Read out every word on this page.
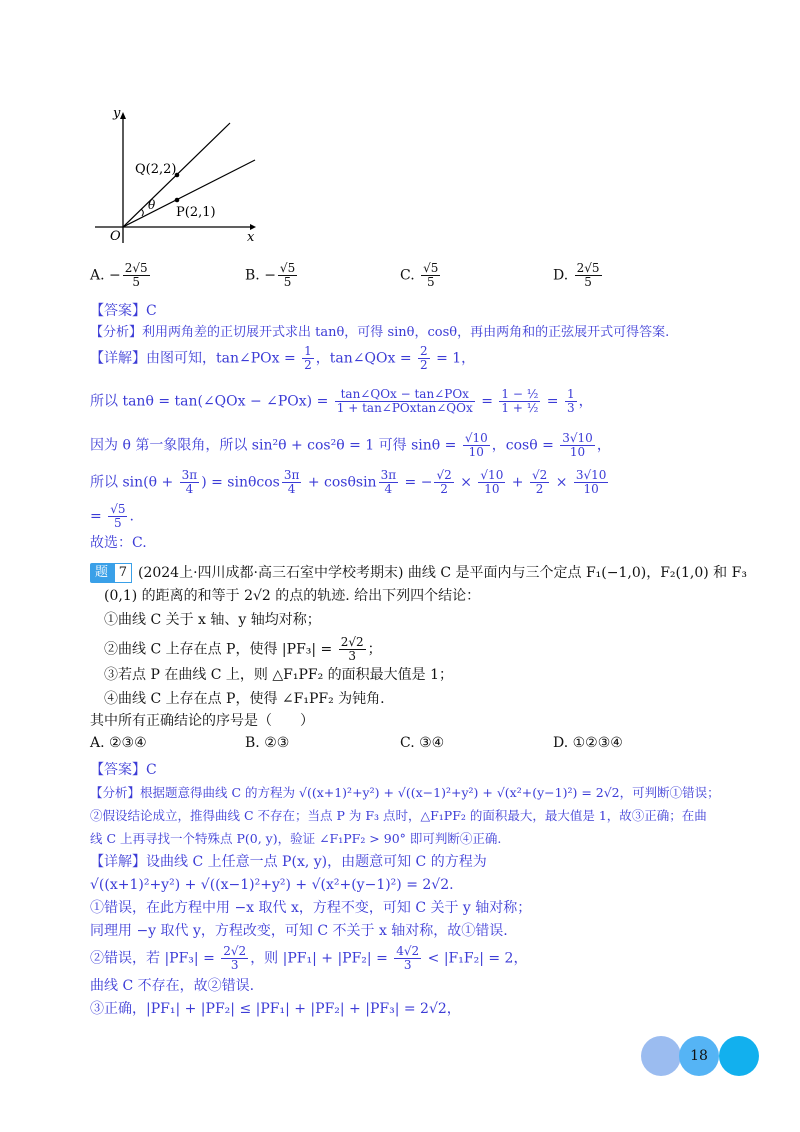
y
x
O
Q(2,2)
P(2,1)
θ
A. − $\frac{2√5}{5}$	B. − $\frac{√5}{5}$	C. $\frac{√5}{5}$	D. $\frac{2√5}{5}$
【答案】C
【分析】利用两角差的正切展开式求出 tanθ，可得 sinθ，cosθ，再由两角和的正弦展开式可得答案.
【详解】由图可知，tan∠POx = $\frac{1}{2}$ ，tan∠QOx = $\frac{2}{2} = 1$，
所以 tanθ = tan(∠QOx − ∠POx) = $\frac{\text{tan∠QOx − tan∠POx}}{\text{1 + tan∠POxtan∠QOx}} = \frac{\text{1 − ½}}{\text{1 + ½}} = \frac{1}{3}$ ，
因为 θ 第一象限角，所以 sin²θ + cos²θ = 1 可得 $\sin\theta = \frac{√10}{10}$ ，$\cos\theta = \frac{3√10}{10}$ ，
所以 $\sin(\theta + \frac{3\pi}{4}$ ) = sinθcos $\frac{3\pi}{4} + \cos\theta\sin \frac{3\pi}{4}$ = − $\frac{√2}{2} \times \frac{√10}{10} + \frac{√2}{2} \times \frac{3√10}{10}$
= $\frac{√5}{5}$ .
故选：C.
题目
7 (2024上·四川成都·高三石室中学校考期末) 曲线 C 是平面内与三个定点 F₁(−1,0)，F₂(1,0) 和 F₃
(0,1) 的距离的和等于 2√2 的点的轨迹. 给出下列四个结论：
①曲线 C 关于 x 轴、y 轴均对称；
②曲线 C 上存在点 P，使得 $|PF_3| = \frac{2√2}{3}$ ；
③若点 P 在曲线 C 上，则 △F₁PF₂ 的面积最大值是 1；
④曲线 C 上存在点 P，使得 ∠F₁PF₂ 为钝角.
其中所有正确结论的序号是（　　）
A. ②③④	B. ②③	C. ③④	D. ①②③④
【答案】C
【分析】根据题意得曲线 C 的方程为 √((x+1)²+y²) + √((x−1)²+y²) + √(x²+(y−1)²) = 2√2，可判断①错误；
②假设结论成立，推得曲线 C 不存在；当点 P 为 F₃ 点时，△F₁PF₂ 的面积最大，最大值是 1，故③正确；在曲
线 C 上再寻找一个特殊点 P(0, y)，验证 ∠F₁PF₂ > 90° 即可判断④正确.
【详解】设曲线 C 上任意一点 P(x, y)，由题意可知 C 的方程为
√((x+1)²+y²) + √((x−1)²+y²) + √(x²+(y−1)²) = 2√2.
①错误，在此方程中用 −x 取代 x，方程不变，可知 C 关于 y 轴对称；
同理用 −y 取代 y，方程改变，可知 C 不关于 x 轴对称，故①错误.
②错误，若 $|PF_3| = \frac{2√2}{3}$ ，则 $|PF_1| + |PF_2| = \frac{4√2}{3} < |F_1F_2| = 2$，
曲线 C 不存在，故②错误.
③正确，|PF₁| + |PF₂| ≤ |PF₁| + |PF₂| + |PF₃| = 2√2，
18
